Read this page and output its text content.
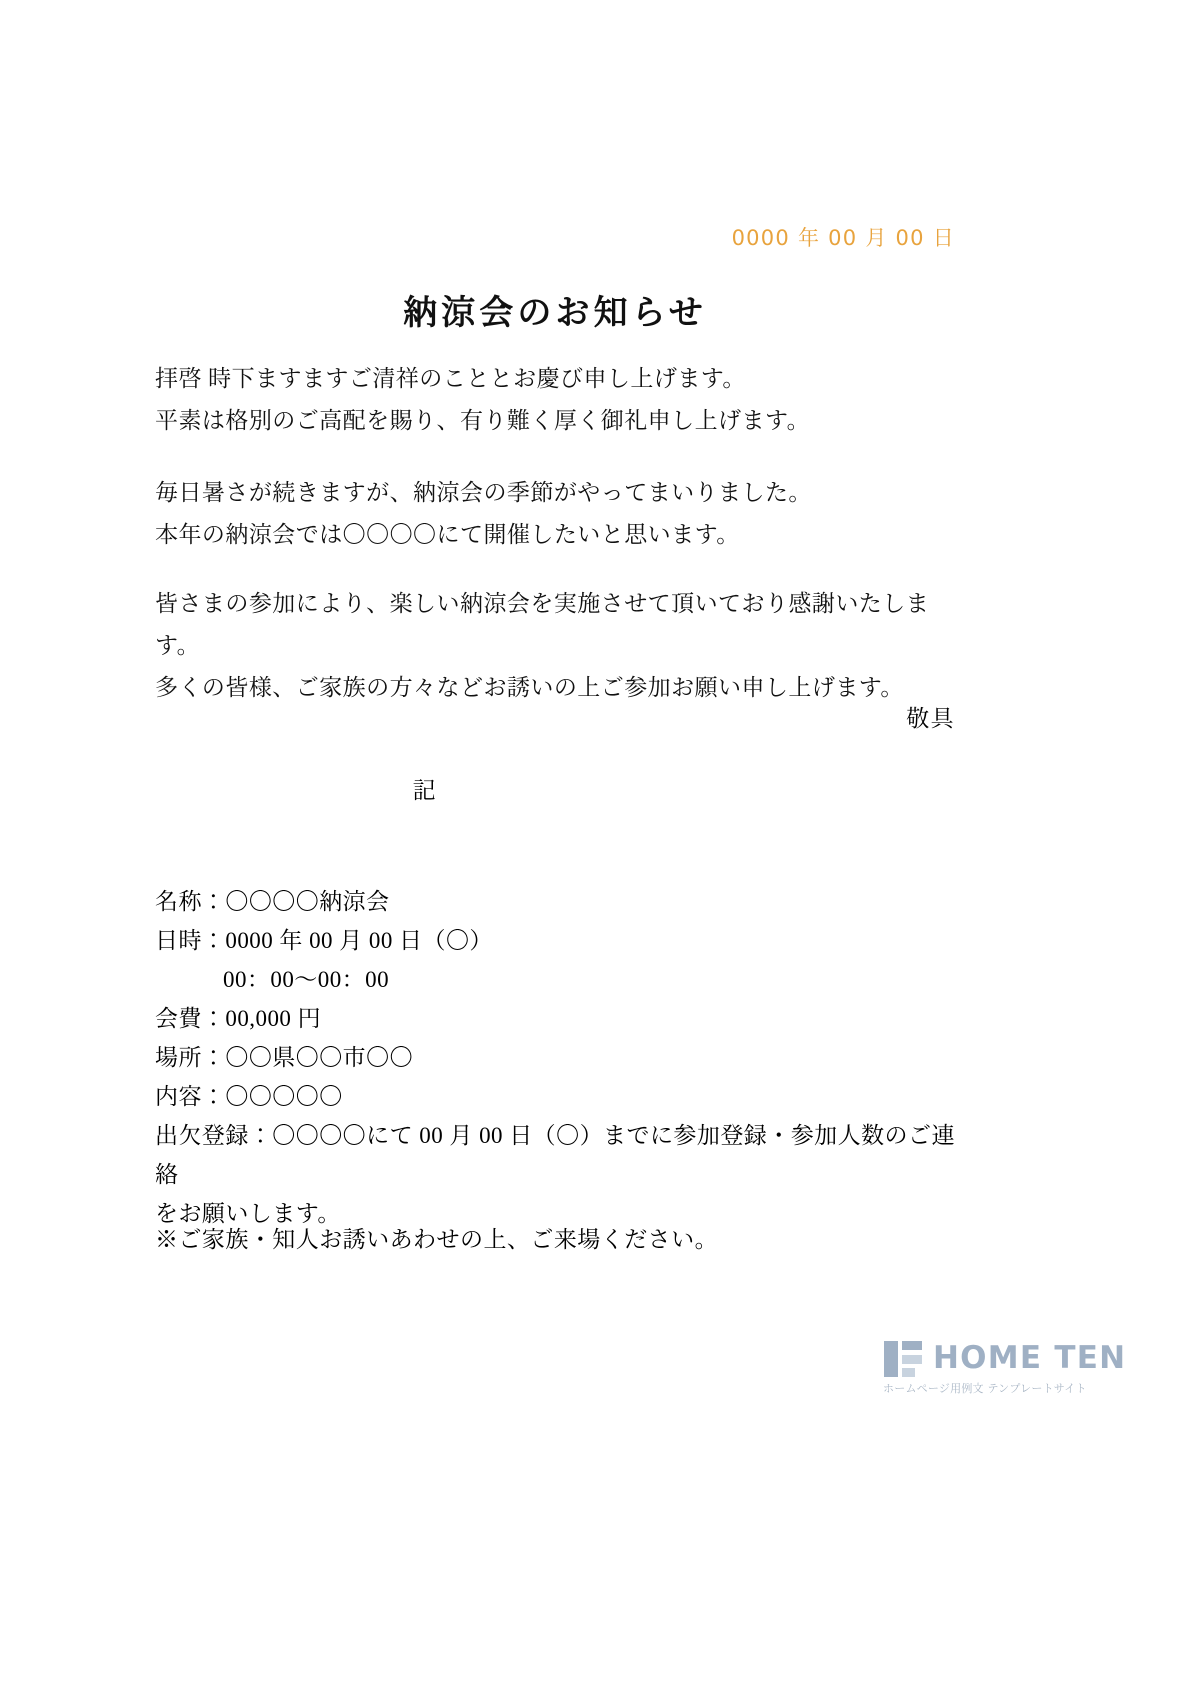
0000 年 00 月 00 日
納涼会のお知らせ
拝啓 時下ますますご清祥のこととお慶び申し上げます。
平素は格別のご高配を賜り、有り難く厚く御礼申し上げます。
毎日暑さが続きますが、納涼会の季節がやってまいりました。
本年の納涼会では〇〇〇〇にて開催したいと思います。
皆さまの参加により、楽しい納涼会を実施させて頂いており感謝いたします。
多くの皆様、ご家族の方々などお誘いの上ご参加お願い申し上げます。
敬具
記
名称：〇〇〇〇納涼会
日時：0000 年 00 月 00 日（〇）
00：00〜00：00
会費：00,000 円
場所：〇〇県〇〇市〇〇
内容：〇〇〇〇〇
出欠登録：〇〇〇〇にて 00 月 00 日（〇）までに参加登録・参加人数のご連絡
をお願いします。
※ご家族・知人お誘いあわせの上、ご来場ください。
HOME TEN
ホームページ用例文 テンプレートサイト
